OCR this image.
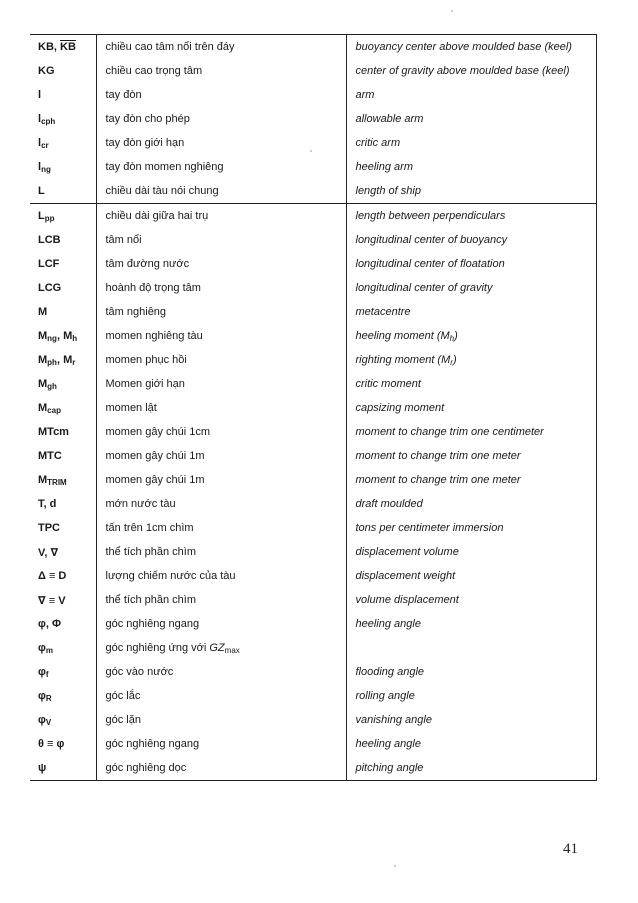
KB, $\overline{KB}$	chiều cao tâm nổi trên đáy	buoyancy center above moulded base (keel)
KG	chiều cao trọng tâm	center of gravity above moulded base (keel)
l	tay đòn	arm
$l_{cph}$	tay đòn cho phép	allowable arm
$l_{cr}$	tay đòn giới hạn	critic arm
$l_{ng}$	tay đòn momen nghiêng	heeling arm
L	chiều dài tàu nói chung	length of ship
$L_{pp}$	chiều dài giữa hai trụ	length between perpendiculars
LCB	tâm nổi	longitudinal center of buoyancy
LCF	tâm đường nước	longitudinal center of floatation
LCG	hoành độ trọng tâm	longitudinal center of gravity
M	tâm nghiêng	metacentre
$M_{ng}$, $M_h$	momen nghiêng tàu	heeling moment $(M_h)$
$M_{ph}$, $M_r$	momen phục hồi	righting moment $(M_r)$
$M_{gh}$	Momen giới hạn	critic moment
$M_{cap}$	momen lật	capsizing moment
MTcm	momen gây chúi 1cm	moment to change trim one centimeter
MTC	momen gây chúi 1m	moment to change trim one meter
$M_{TRIM}$	momen gây chúi 1m	moment to change trim one meter
T, d	mớn nước tàu	draft moulded
TPC	tấn trên 1cm chìm	tons per centimeter immersion
V, ∇	thể tích phần chìm	displacement volume
Δ ≡ D	lượng chiếm nước của tàu	displacement weight
∇ ≡ V	thể tích phần chìm	volume displacement
φ, Φ	góc nghiêng ngang	heeling angle
$\varphi_m$	góc nghiêng ứng với $GZ_{max}$	
$\varphi_f$	góc vào nước	flooding angle
$\varphi_R$	góc lắc	rolling angle
$\varphi_V$	góc lặn	vanishing angle
θ ≡ φ	góc nghiêng ngang	heeling angle
ψ	góc nghiêng dọc	pitching angle
41
